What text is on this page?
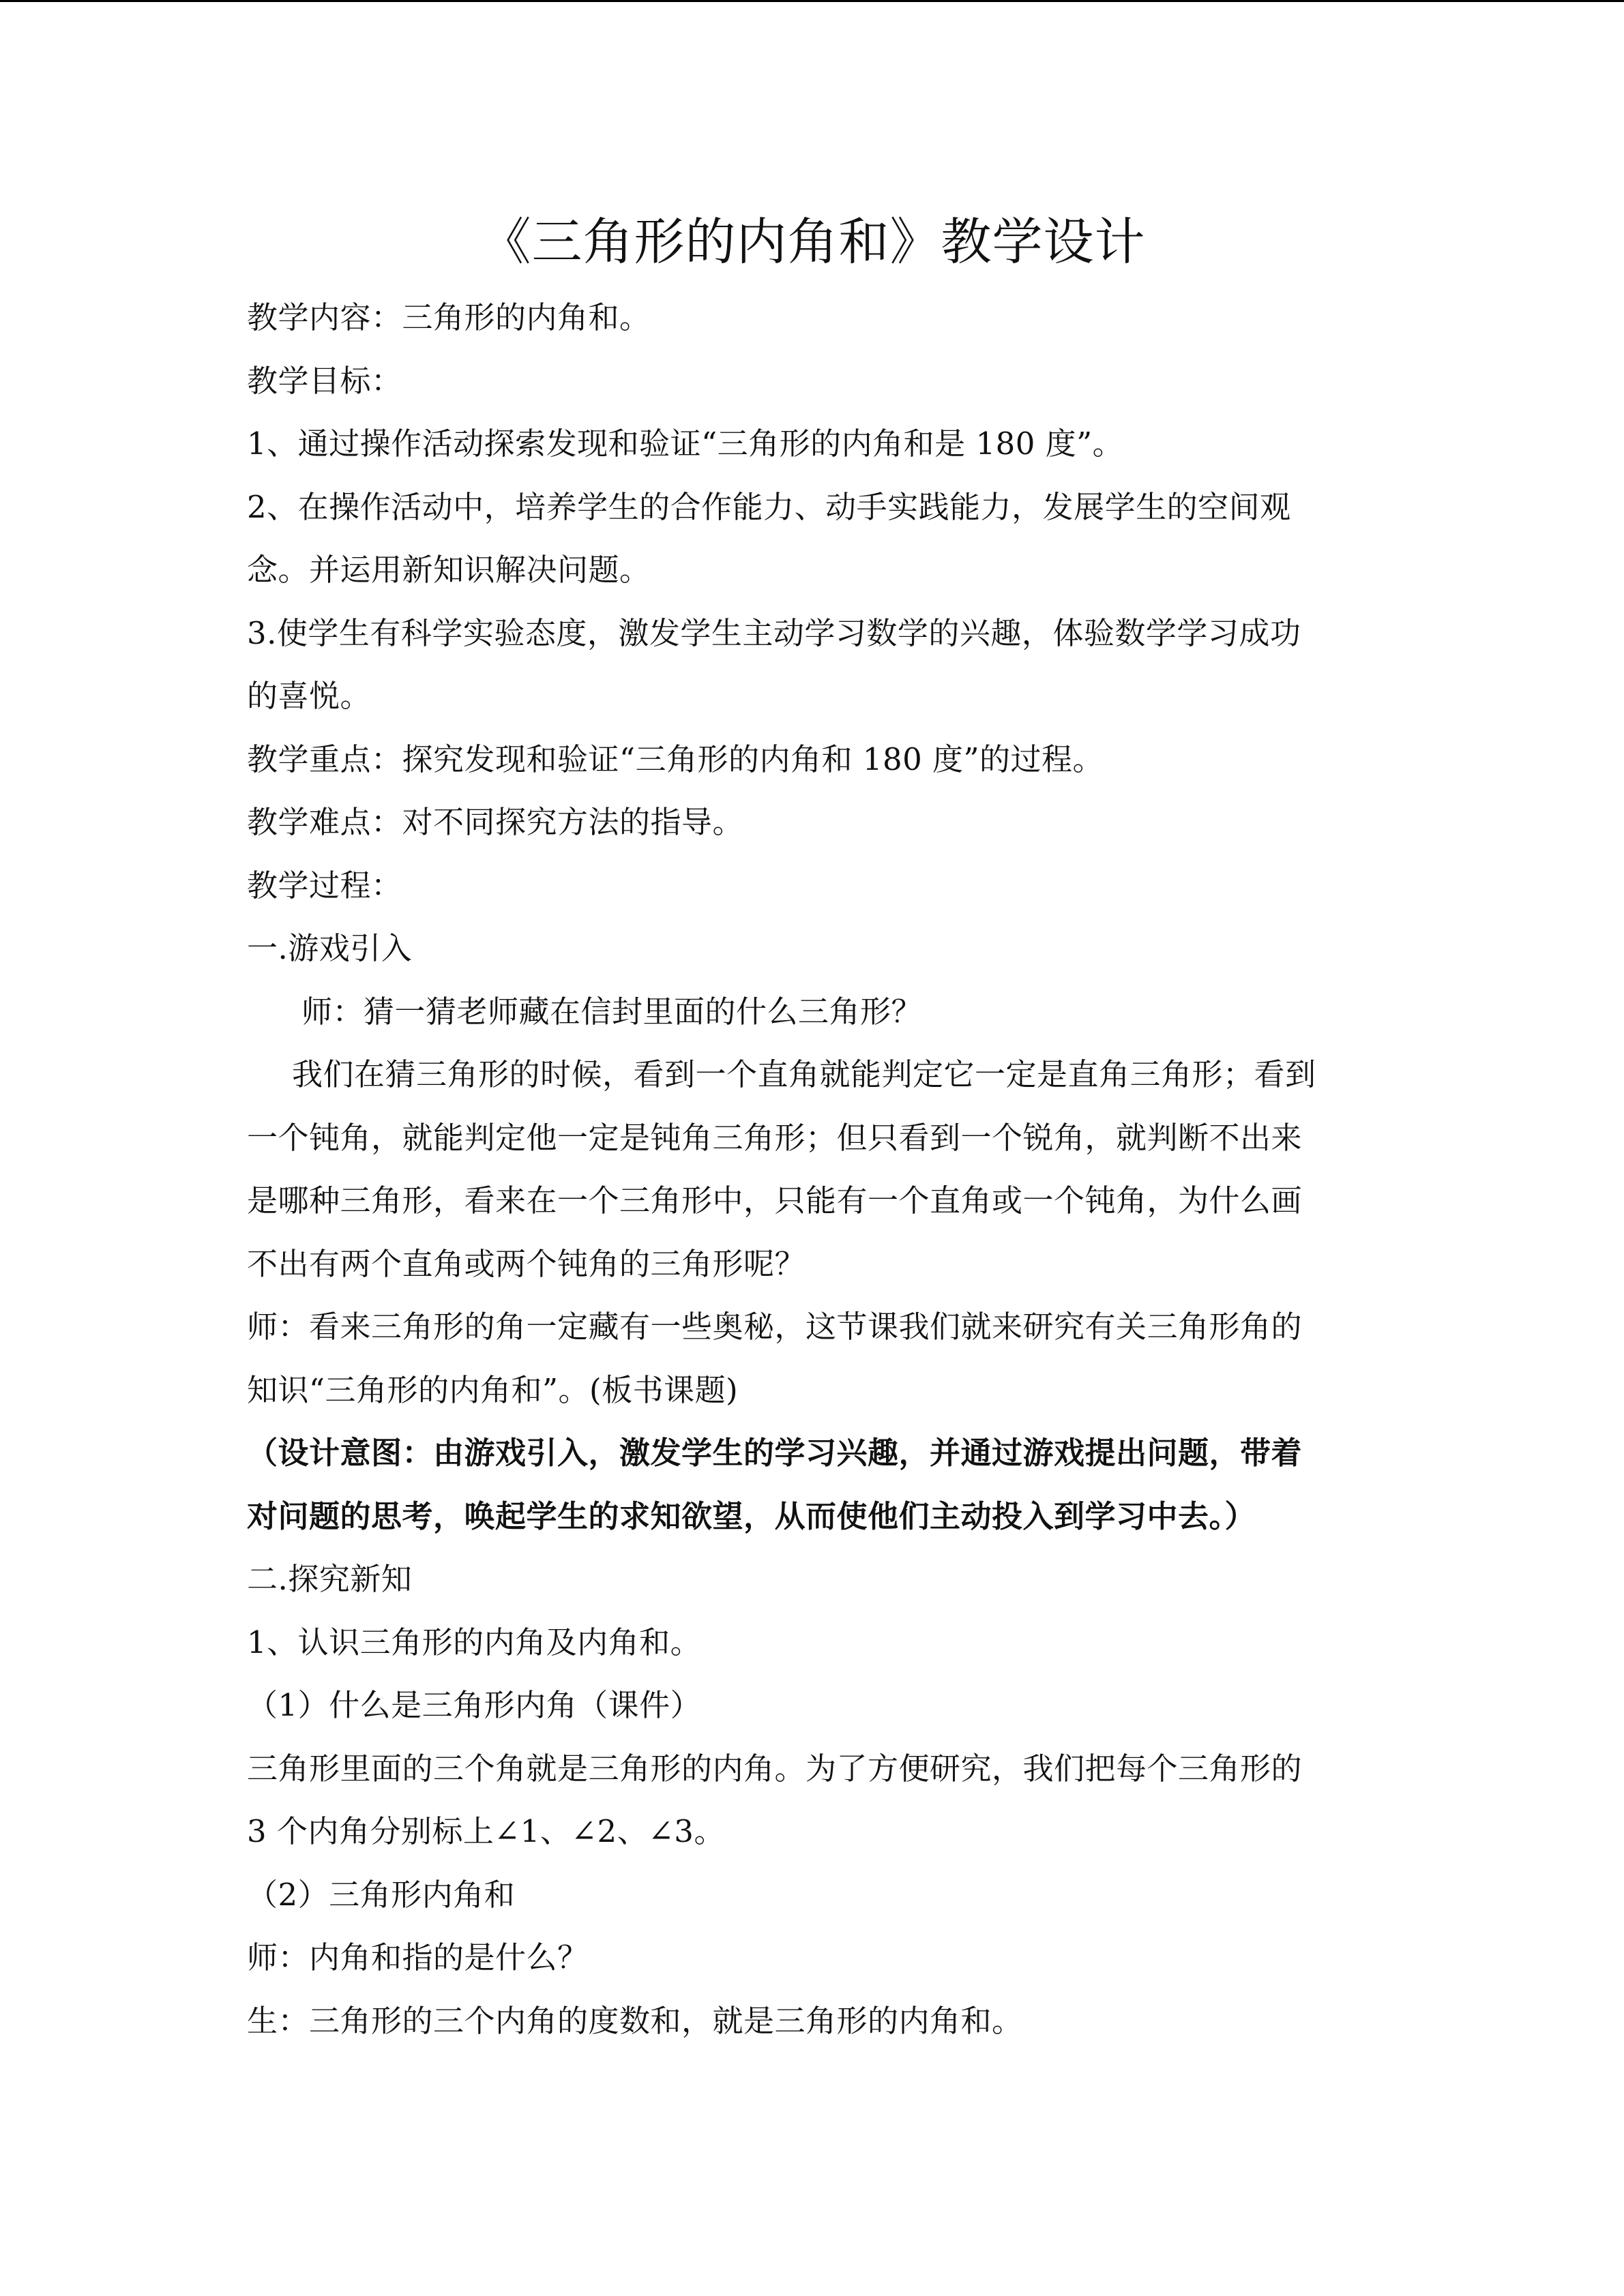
《三角形的内角和》教学设计
教学内容：三角形的内角和。
教学目标：
1、通过操作活动探索发现和验证“三角形的内角和是 180 度”。
2、在操作活动中，培养学生的合作能力、动手实践能力，发展学生的空间观
念。并运用新知识解决问题。
3.使学生有科学实验态度，激发学生主动学习数学的兴趣，体验数学学习成功
的喜悦。
教学重点：探究发现和验证“三角形的内角和 180 度”的过程。
教学难点：对不同探究方法的指导。
教学过程：
一.游戏引入
师：猜一猜老师藏在信封里面的什么三角形？
我们在猜三角形的时候，看到一个直角就能判定它一定是直角三角形；看到
一个钝角，就能判定他一定是钝角三角形；但只看到一个锐角，就判断不出来
是哪种三角形，看来在一个三角形中，只能有一个直角或一个钝角，为什么画
不出有两个直角或两个钝角的三角形呢？
师：看来三角形的角一定藏有一些奥秘，这节课我们就来研究有关三角形角的
知识“三角形的内角和”。(板书课题)
（设计意图：由游戏引入，激发学生的学习兴趣，并通过游戏提出问题，带着
对问题的思考，唤起学生的求知欲望，从而使他们主动投入到学习中去。）
二.探究新知
1、认识三角形的内角及内角和。
（1）什么是三角形内角（课件）
三角形里面的三个角就是三角形的内角。为了方便研究，我们把每个三角形的
3 个内角分别标上∠1、∠2、∠3。
（2）三角形内角和
师：内角和指的是什么？
生：三角形的三个内角的度数和，就是三角形的内角和。
